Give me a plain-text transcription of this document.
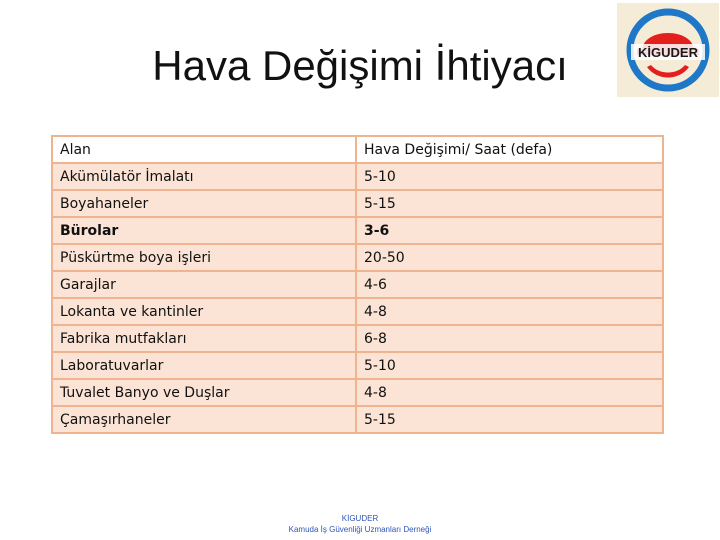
Hava Değişimi İhtiyacı	KİGUDER
Alan	Hava Değişimi/ Saat (defa)
Akümülatör İmalatı	5-10
Boyahaneler	5-15
Bürolar	3-6
Püskürtme boya işleri	20-50
Garajlar	4-6
Lokanta ve kantinler	4-8
Fabrika mutfakları	6-8
Laboratuvarlar	5-10
Tuvalet Banyo ve Duşlar	4-8
Çamaşırhaneler	5-15
KİGUDER
Kamuda İş Güvenliği Uzmanları Derneği
